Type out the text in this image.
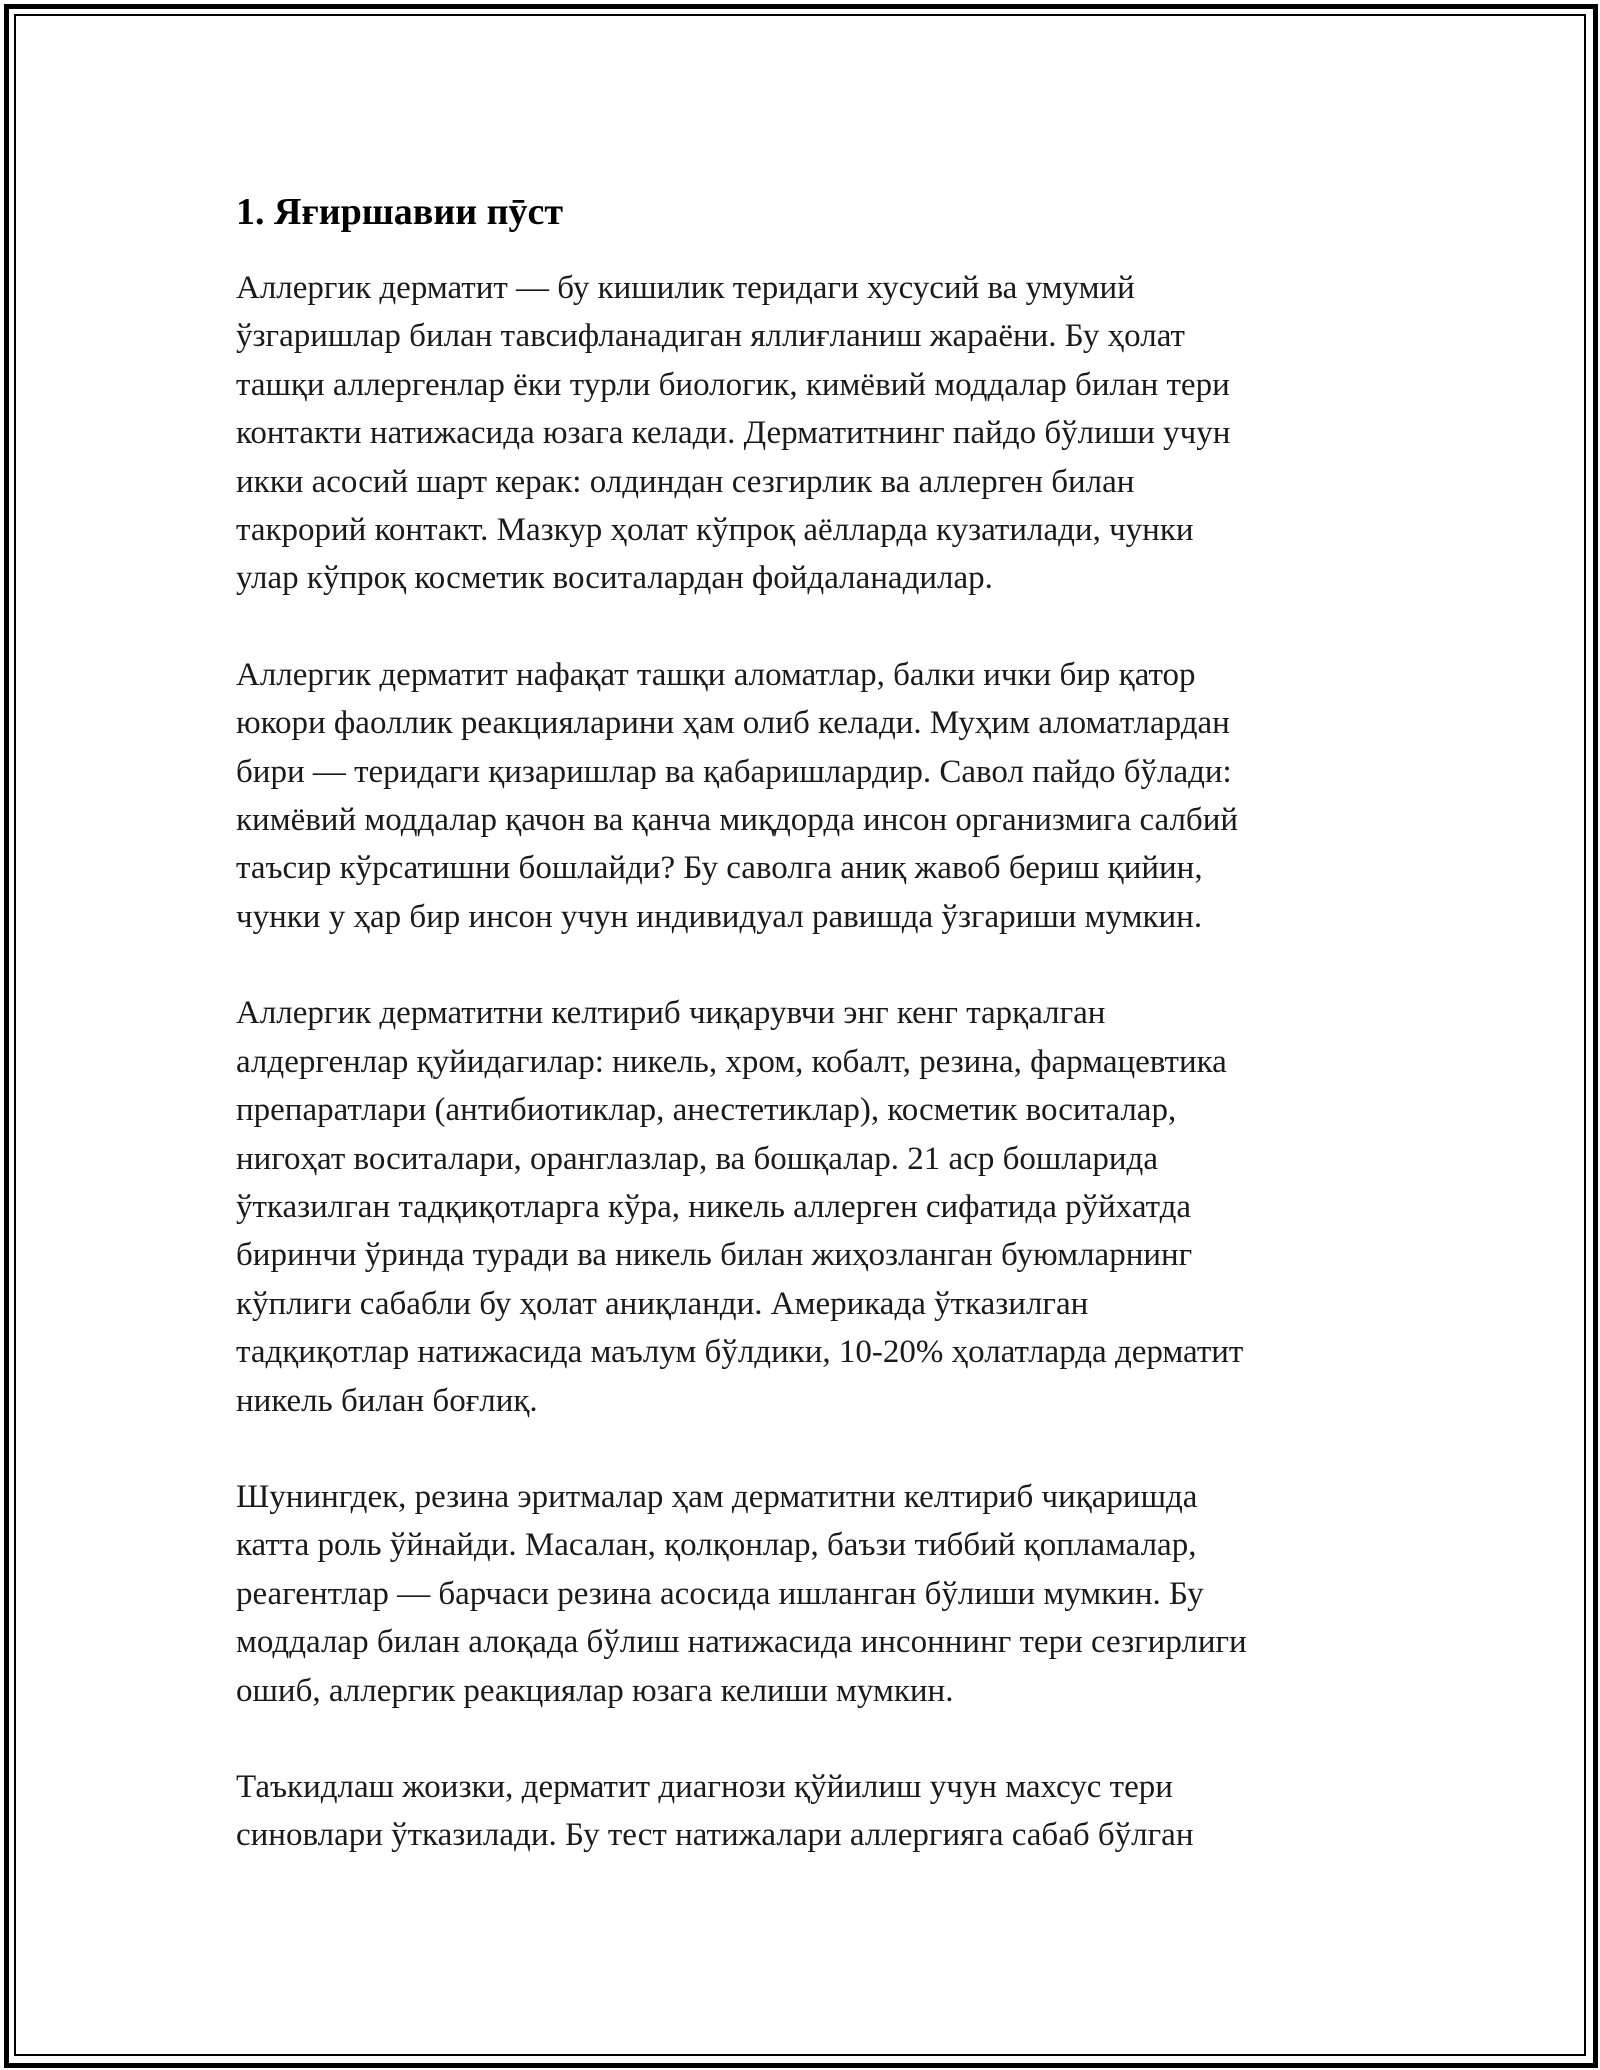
1. Яғиршавии пӯст

Аллергик дерматит — бу кишилик теридаги хусусий ва умумий
ўзгаришлар билан тавсифланадиган яллиғланиш жараёни. Бу ҳолат
ташқи аллергенлар ёки турли биологик, кимёвий моддалар билан тери
контакти натижасида юзага келади. Дерматитнинг пайдо бўлиши учун
икки асосий шарт керак: олдиндан сезгирлик ва аллерген билан
такрорий контакт. Мазкур ҳолат кўпроқ аёлларда кузатилади, чунки
улар кўпроқ косметик воситалардан фойдаланадилар.

Аллергик дерматит нафақат ташқи аломатлар, балки ички бир қатор
юкори фаоллик реакцияларини ҳам олиб келади. Муҳим аломатлардан
бири — теридаги қизаришлар ва қабаришлардир. Савол пайдо бўлади:
кимёвий моддалар қачон ва қанча миқдорда инсон организмига салбий
таъсир кўрсатишни бошлайди? Бу саволга аниқ жавоб бериш қийин,
чунки у ҳар бир инсон учун индивидуал равишда ўзгариши мумкин.

Аллергик дерматитни келтириб чиқарувчи энг кенг тарқалган
алдергенлар қуйидагилар: никель, хром, кобалт, резина, фармацевтика
препаратлари (антибиотиклар, анестетиклар), косметик воситалар,
нигоҳат воситалари, оранглазлар, ва бошқалар. 21 аср бошларида
ўтказилган тадқиқотларга кўра, никель аллерген сифатида рўйхатда
биринчи ўринда туради ва никель билан жиҳозланган буюмларнинг
кўплиги сабабли бу ҳолат аниқланди. Америкада ўтказилган
тадқиқотлар натижасида маълум бўлдики, 10-20% ҳолатларда дерматит
никель билан боғлиқ.

Шунингдек, резина эритмалар ҳам дерматитни келтириб чиқаришда
катта роль ўйнайди. Масалан, қолқонлар, баъзи тиббий қопламалар,
реагентлар — барчаси резина асосида ишланган бўлиши мумкин. Бу
моддалар билан алоқада бўлиш натижасида инсоннинг тери сезгирлиги
ошиб, аллергик реакциялар юзага келиши мумкин.

Таъкидлаш жоизки, дерматит диагнози қўйилиш учун махсус тери
синовлари ўтказилади. Бу тест натижалари аллергияга сабаб бўлган
